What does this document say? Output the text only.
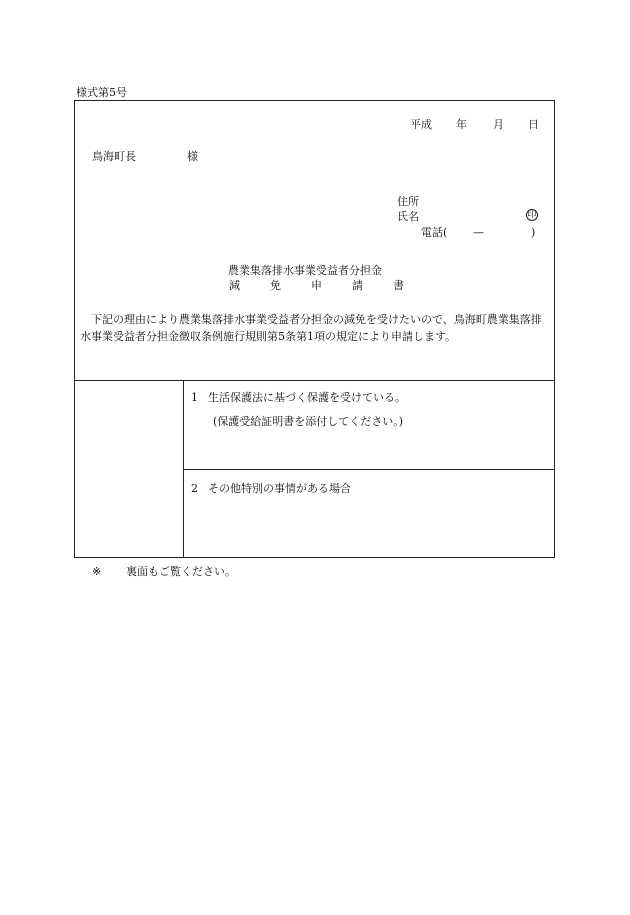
様式第5号
平成 年 月 日
鳥海町長	様
住所
氏名	印
電話( —	)
農業集落排水事業受益者分担金
減	免	申	請	書
下記の理由により農業集落排水事業受益者分担金の減免を受けたいので、鳥海町農業集落排水事業受益者分担金徴収条例施行規則第5条第1項の規定により申請します。
1 生活保護法に基づく保護を受けている。
(保護受給証明書を添付してください。)
2 その他特別の事情がある場合
※ 裏面もご覧ください。
